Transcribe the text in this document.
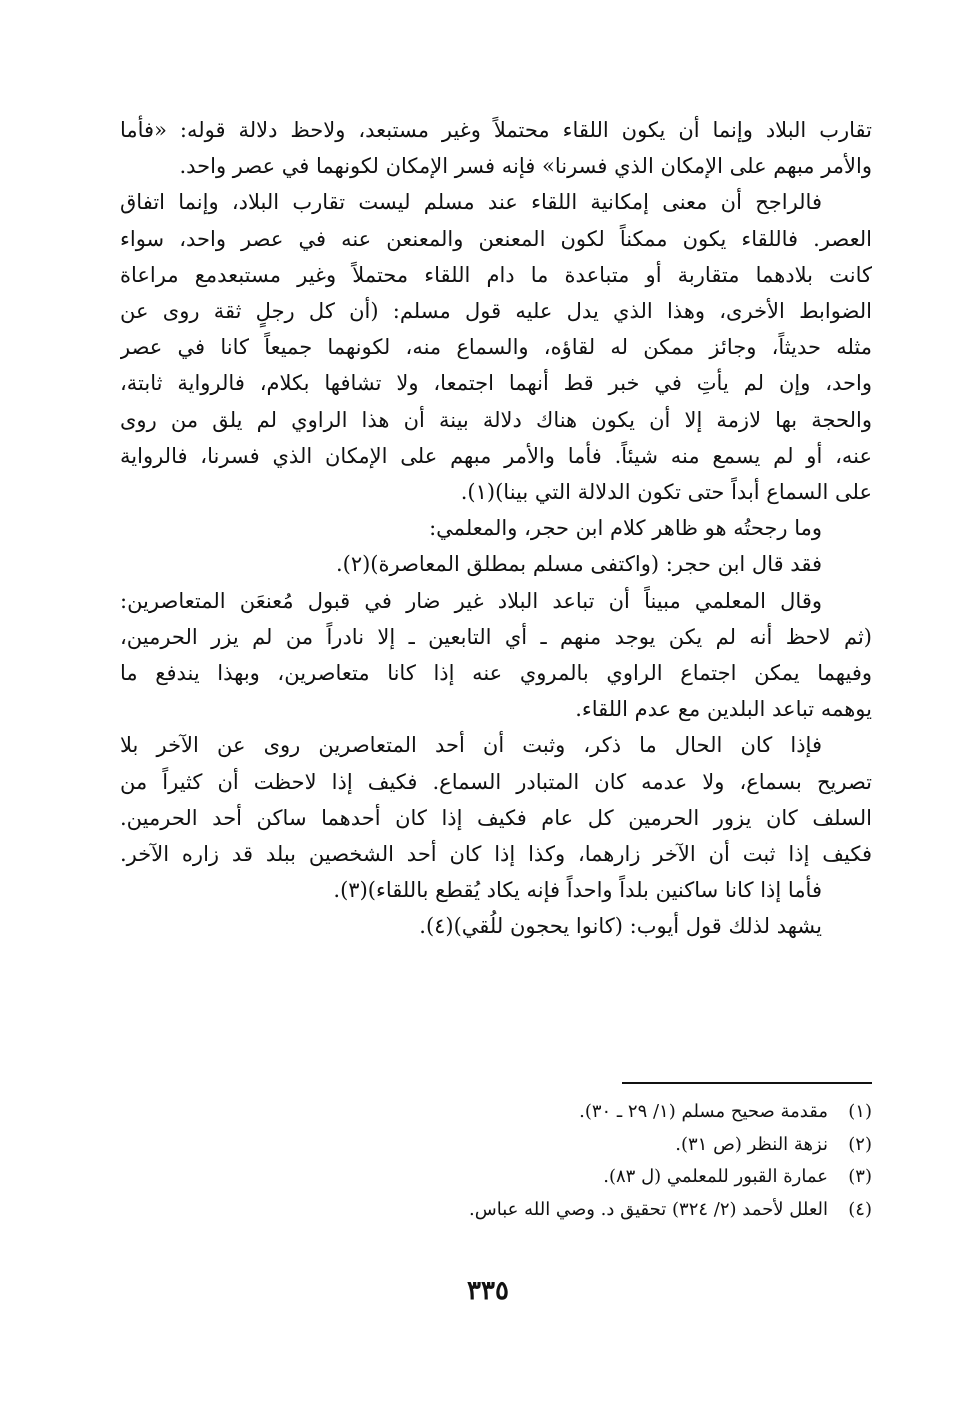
تقارب البلاد وإنما أن يكون اللقاء محتملاً وغير مستبعد، ولاحظ دلالة قوله: «فأما
والأمر مبهم على الإمكان الذي فسرنا» فإنه فسر الإمكان لكونهما في عصر واحد.
فالراجح أن معنى إمكانية اللقاء عند مسلم ليست تقارب البلاد، وإنما اتفاق
العصر. فاللقاء يكون ممكناً لكون المعنعن والمعنعن عنه في عصر واحد، سواء
كانت بلادهما متقاربة أو متباعدة ما دام اللقاء محتملاً وغير مستبعدمع مراعاة
الضوابط الأخرى، وهذا الذي يدل عليه قول مسلم: (أن كل رجلٍ ثقة روى عن
مثله حديثاً، وجائز ممكن له لقاؤه، والسماع منه، لكونهما جميعاً كانا في عصر
واحد، وإن لم يأتِ في خبر قط أنهما اجتمعا، ولا تشافها بكلام، فالرواية ثابتة،
والحجة بها لازمة إلا أن يكون هناك دلالة بينة أن هذا الراوي لم يلق من روى
عنه، أو لم يسمع منه شيئاً. فأما والأمر مبهم على الإمكان الذي فسرنا، فالرواية
على السماع أبداً حتى تكون الدلالة التي بينا)(١).
وما رجحتُه هو ظاهر كلام ابن حجر، والمعلمي:
فقد قال ابن حجر: (واكتفى مسلم بمطلق المعاصرة)(٢).
وقال المعلمي مبيناً أن تباعد البلاد غير ضار في قبول مُعنعَن المتعاصرين:
(ثم لاحظ أنه لم يكن يوجد منهم ـ أي التابعين ـ إلا نادراً من لم يزر الحرمين،
وفيهما يمكن اجتماع الراوي بالمروي عنه إذا كانا متعاصرين، وبهذا يندفع ما
يوهمه تباعد البلدين مع عدم اللقاء.
فإذا كان الحال ما ذكر، وثبت أن أحد المتعاصرين روى عن الآخر بلا
تصريح بسماع، ولا عدمه كان المتبادر السماع. فكيف إذا لاحظت أن كثيراً من
السلف كان يزور الحرمين كل عام فكيف إذا كان أحدهما ساكن أحد الحرمين.
فكيف إذا ثبت أن الآخر زارهما، وكذا إذا كان أحد الشخصين ببلد قد زاره الآخر.
فأما إذا كانا ساكنين بلداً واحداً فإنه يكاد يُقطع باللقاء)(٣).
يشهد لذلك قول أيوب: (كانوا يحجون للُقي)(٤).
(١)مقدمة صحيح مسلم (١/ ٢٩ ـ ٣٠).
(٢)نزهة النظر (ص ٣١).
(٣)عمارة القبور للمعلمي (ل ٨٣).
(٤)العلل لأحمد (٢/ ٣٢٤) تحقيق د. وصي الله عباس.
٣٣٥
